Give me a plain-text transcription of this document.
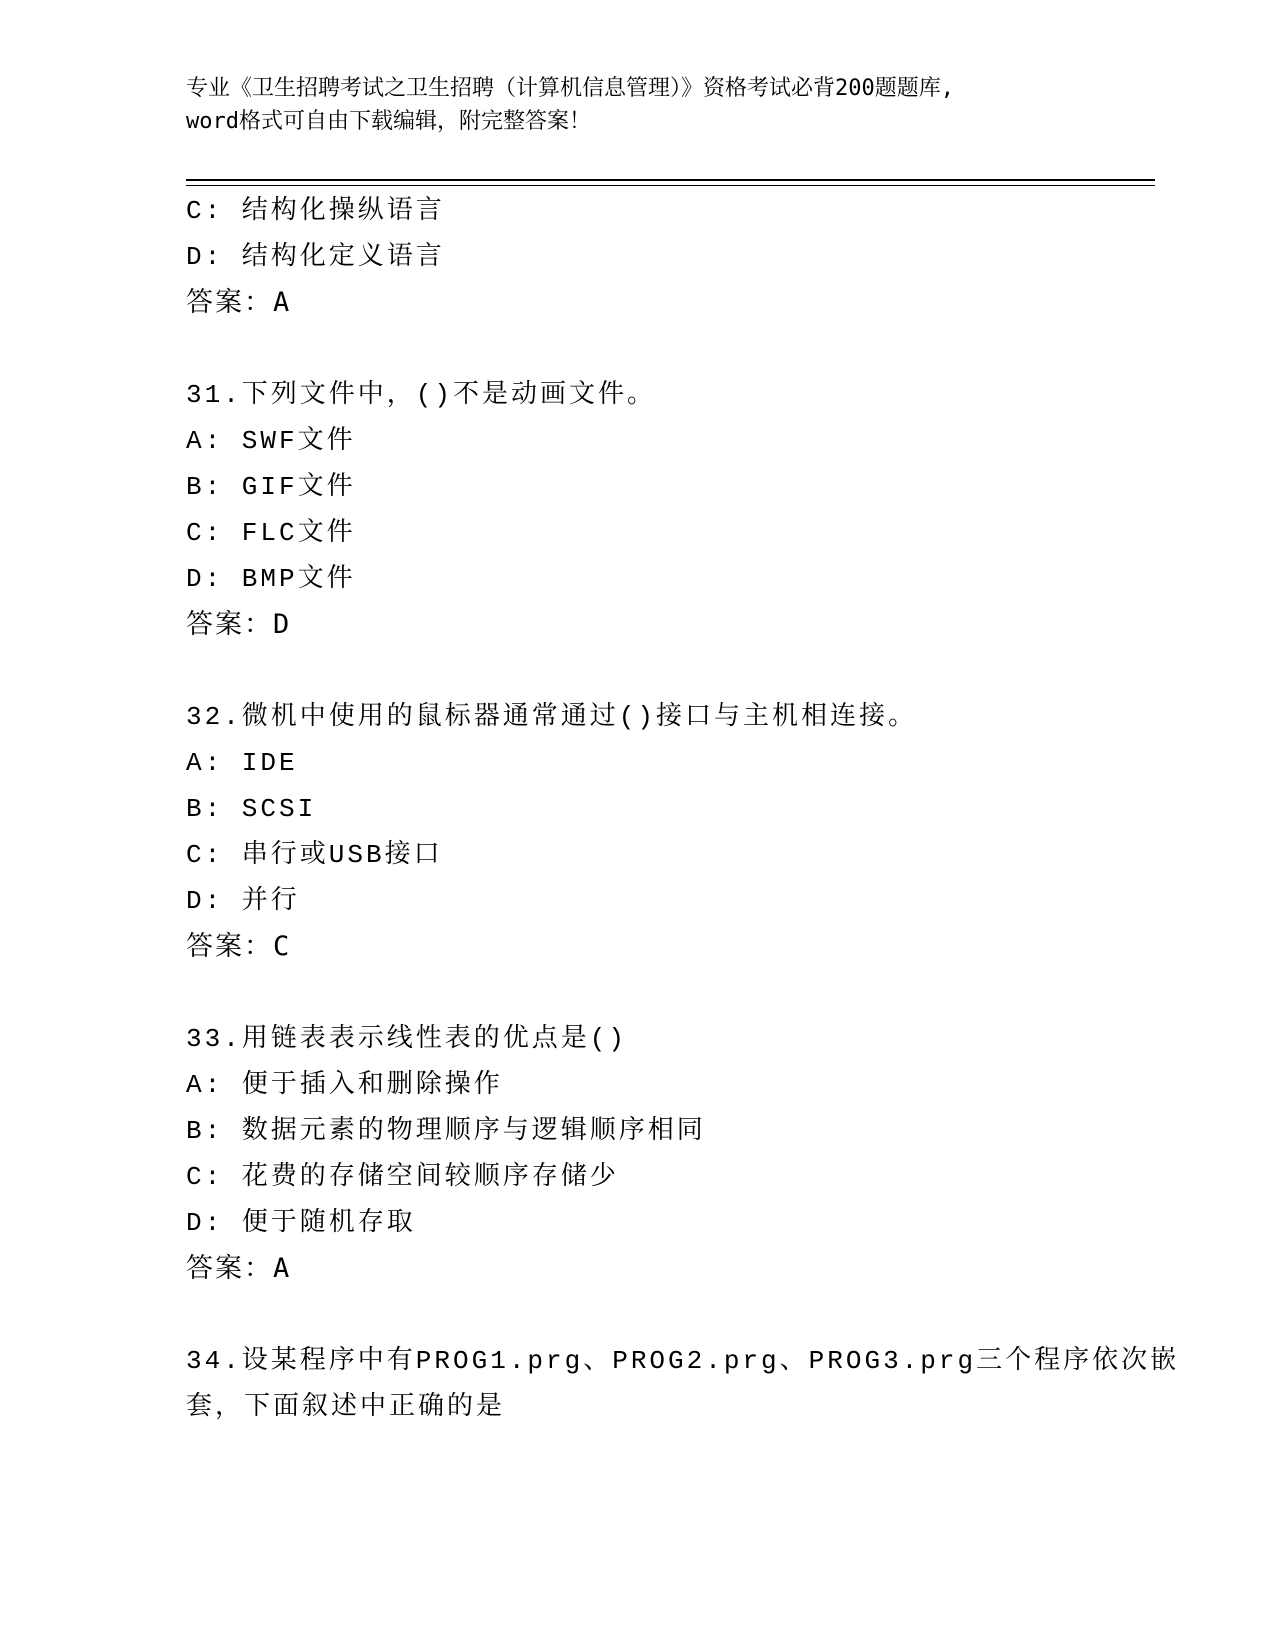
专业《卫生招聘考试之卫生招聘（计算机信息管理）》资格考试必背200题题库,
word格式可自由下载编辑，附完整答案！
C: 结构化操纵语言
D: 结构化定义语言
答案：A
31.下列文件中，()不是动画文件。
A: SWF文件
B: GIF文件
C: FLC文件
D: BMP文件
答案：D
32.微机中使用的鼠标器通常通过()接口与主机相连接。
A: IDE
B: SCSI
C: 串行或USB接口
D: 并行
答案：C
33.用链表表示线性表的优点是()
A: 便于插入和删除操作
B: 数据元素的物理顺序与逻辑顺序相同
C: 花费的存储空间较顺序存储少
D: 便于随机存取
答案：A
34.设某程序中有PROG1.prg、PROG2.prg、PROG3.prg三个程序依次嵌
套，下面叙述中正确的是
